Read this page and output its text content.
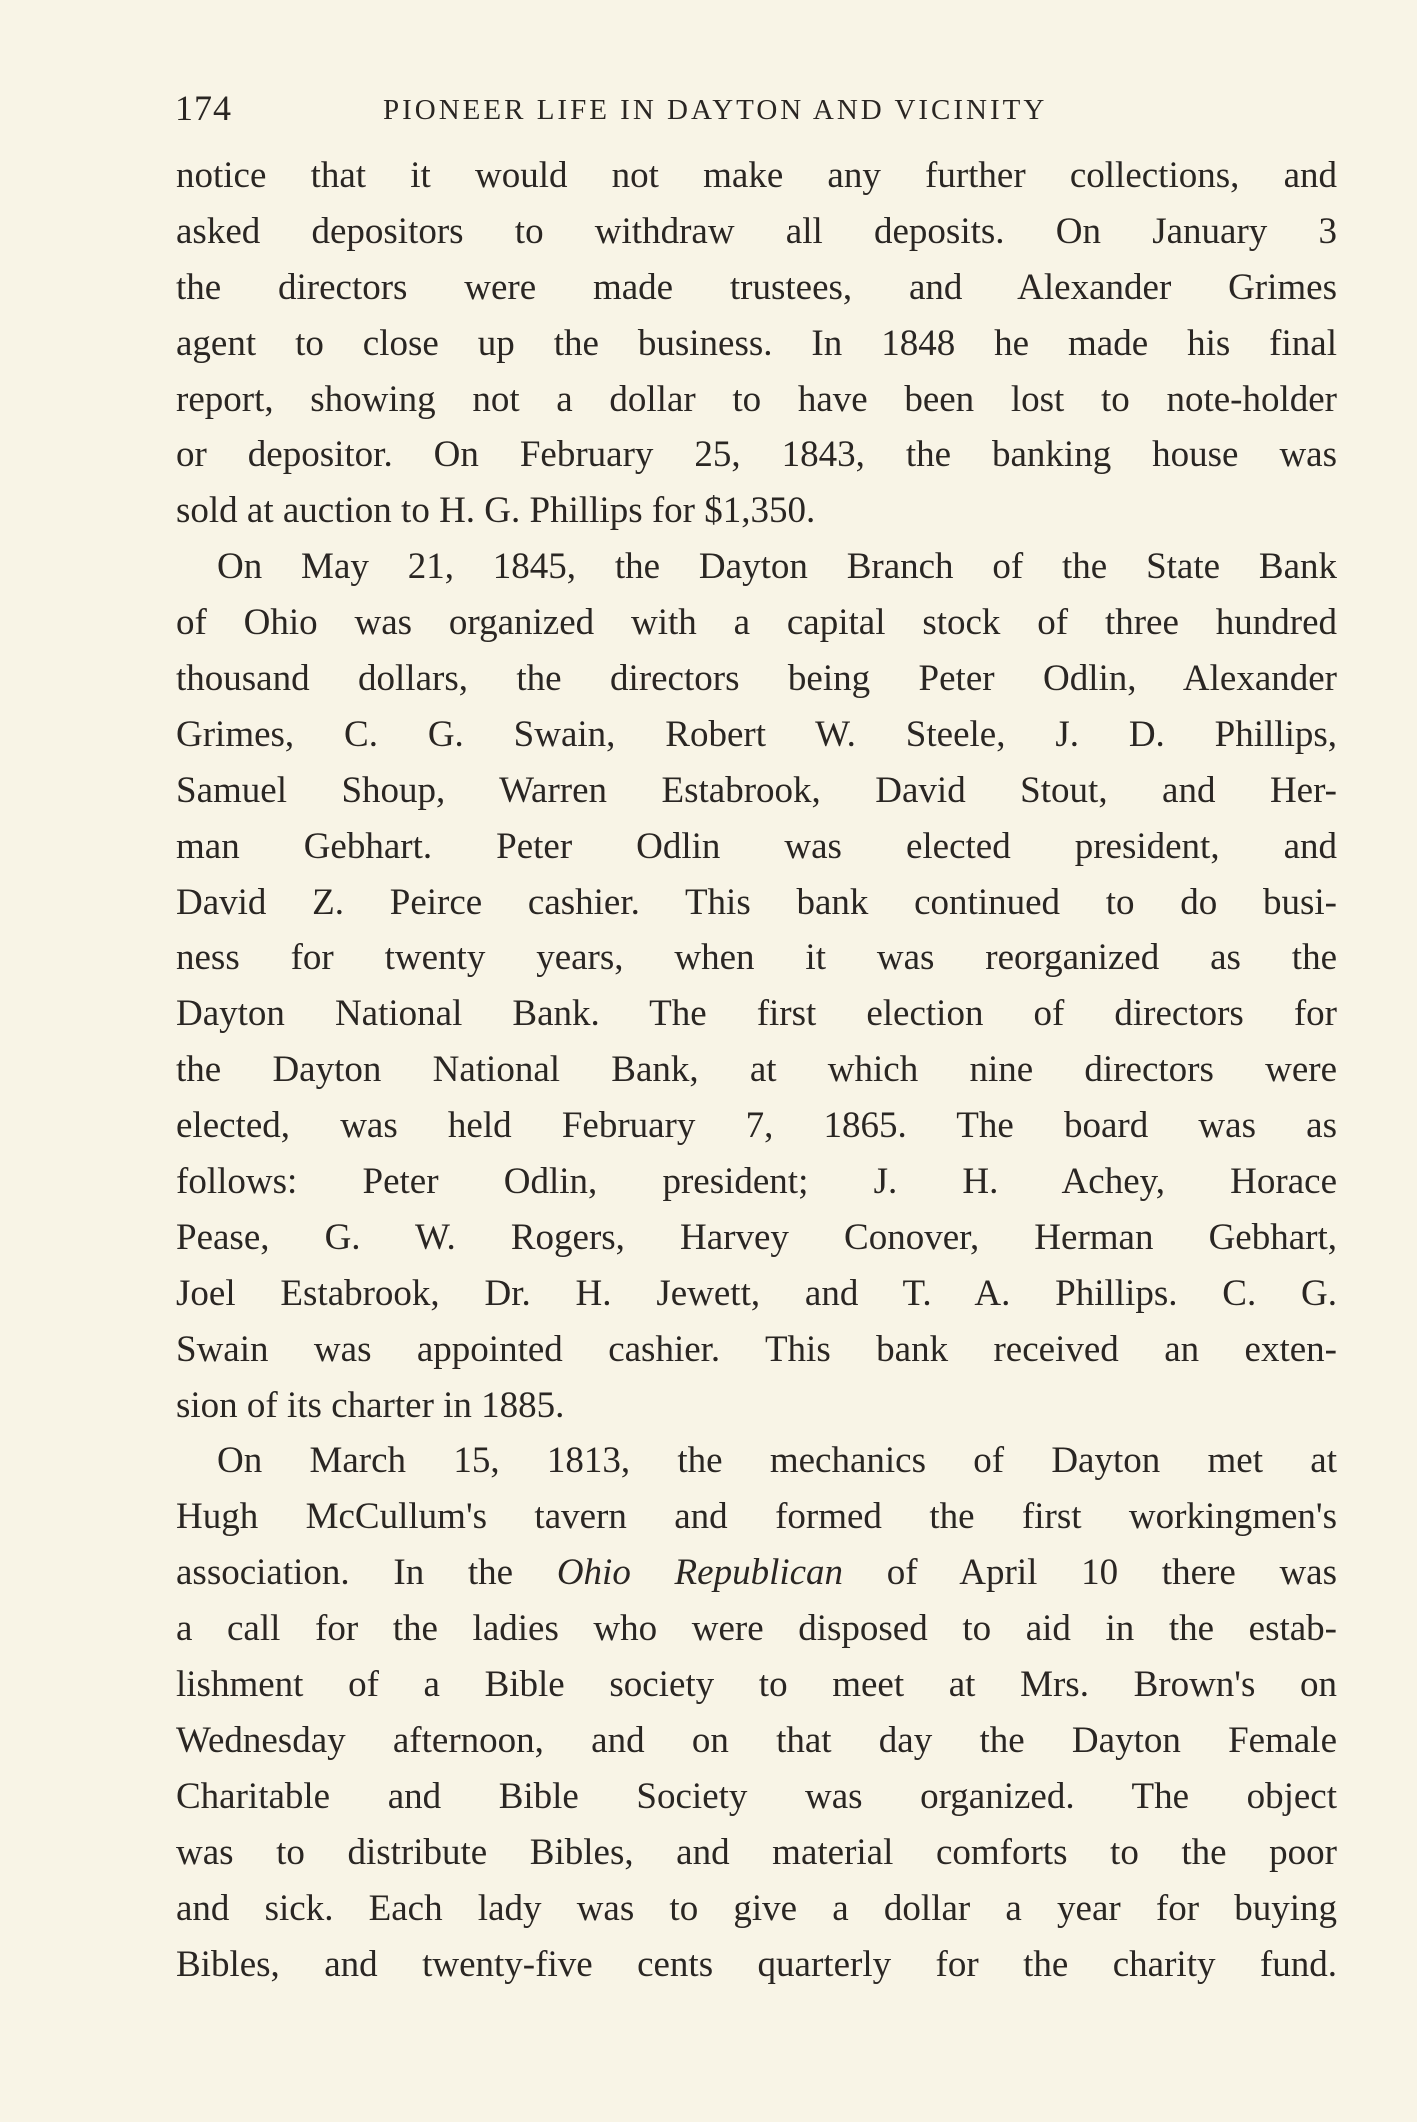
174	PIONEER LIFE IN DAYTON AND VICINITY
notice that it would not make any further collections, and
asked depositors to withdraw all deposits. On January 3
the directors were made trustees, and Alexander Grimes
agent to close up the business. In 1848 he made his final
report, showing not a dollar to have been lost to note-holder
or depositor. On February 25, 1843, the banking house was
sold at auction to H. G. Phillips for $1,350.
On May 21, 1845, the Dayton Branch of the State Bank
of Ohio was organized with a capital stock of three hundred
thousand dollars, the directors being Peter Odlin, Alexander
Grimes, C. G. Swain, Robert W. Steele, J. D. Phillips,
Samuel Shoup, Warren Estabrook, David Stout, and Her-
man Gebhart. Peter Odlin was elected president, and
David Z. Peirce cashier. This bank continued to do busi-
ness for twenty years, when it was reorganized as the
Dayton National Bank. The first election of directors for
the Dayton National Bank, at which nine directors were
elected, was held February 7, 1865. The board was as
follows: Peter Odlin, president; J. H. Achey, Horace
Pease, G. W. Rogers, Harvey Conover, Herman Gebhart,
Joel Estabrook, Dr. H. Jewett, and T. A. Phillips. C. G.
Swain was appointed cashier. This bank received an exten-
sion of its charter in 1885.
On March 15, 1813, the mechanics of Dayton met at
Hugh McCullum's tavern and formed the first workingmen's
association. In the Ohio Republican of April 10 there was
a call for the ladies who were disposed to aid in the estab-
lishment of a Bible society to meet at Mrs. Brown's on
Wednesday afternoon, and on that day the Dayton Female
Charitable and Bible Society was organized. The object
was to distribute Bibles, and material comforts to the poor
and sick. Each lady was to give a dollar a year for buying
Bibles, and twenty-five cents quarterly for the charity fund.
